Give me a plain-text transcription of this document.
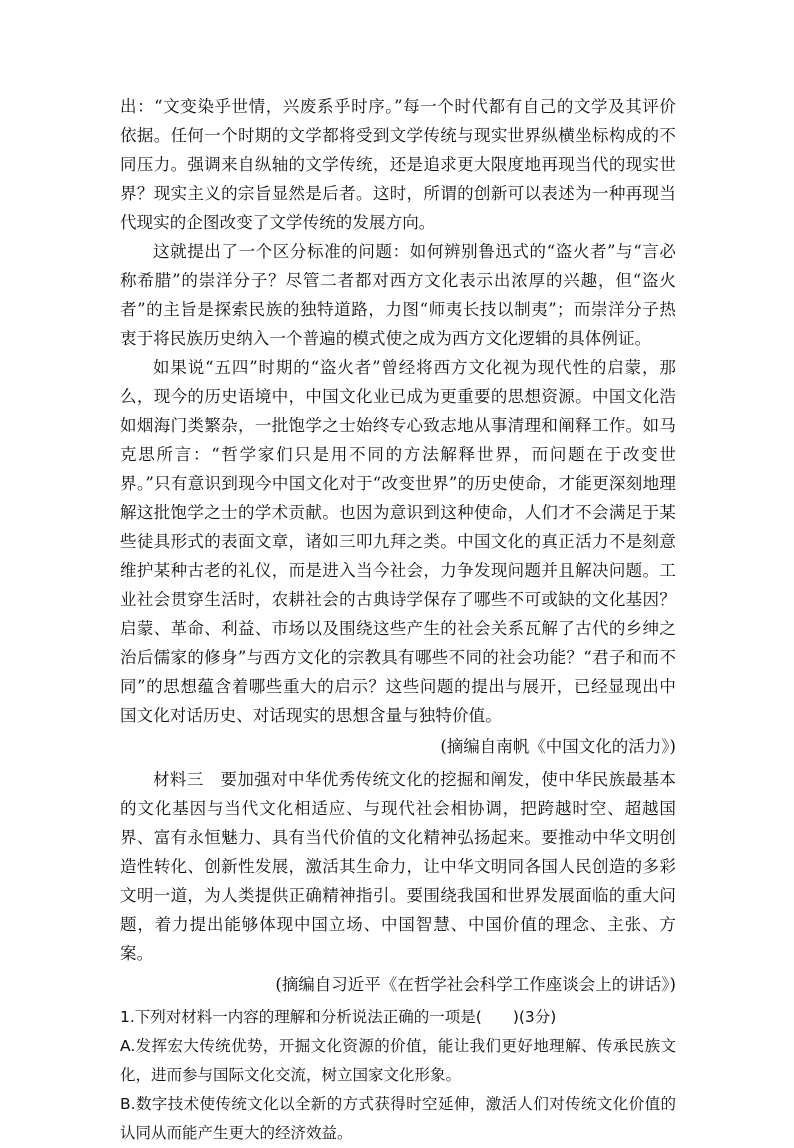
出：“文变染乎世情，兴废系乎时序。”每一个时代都有自己的文学及其评价依据。任何一个时期的文学都将受到文学传统与现实世界纵横坐标构成的不同压力。强调来自纵轴的文学传统，还是追求更大限度地再现当代的现实世界？现实主义的宗旨显然是后者。这时，所谓的创新可以表述为一种再现当代现实的企图改变了文学传统的发展方向。

这就提出了一个区分标准的问题：如何辨别鲁迅式的“盗火者”与“言必称希腊”的崇洋分子？尽管二者都对西方文化表示出浓厚的兴趣，但“盗火者”的主旨是探索民族的独特道路，力图“师夷长技以制夷”；而崇洋分子热衷于将民族历史纳入一个普遍的模式使之成为西方文化逻辑的具体例证。

如果说“五四”时期的“盗火者”曾经将西方文化视为现代性的启蒙，那么，现今的历史语境中，中国文化业已成为更重要的思想资源。中国文化浩如烟海门类繁杂，一批饱学之士始终专心致志地从事清理和阐释工作。如马克思所言：“哲学家们只是用不同的方法解释世界，而问题在于改变世界。”只有意识到现今中国文化对于“改变世界”的历史使命，才能更深刻地理解这批饱学之士的学术贡献。也因为意识到这种使命，人们才不会满足于某些徒具形式的表面文章，诸如三叩九拜之类。中国文化的真正活力不是刻意维护某种古老的礼仪，而是进入当今社会，力争发现问题并且解决问题。工业社会贯穿生活时，农耕社会的古典诗学保存了哪些不可或缺的文化基因？启蒙、革命、利益、市场以及围绕这些产生的社会关系瓦解了古代的乡绅之治后儒家的修身”与西方文化的宗教具有哪些不同的社会功能？“君子和而不同”的思想蕴含着哪些重大的启示？这些问题的提出与展开，已经显现出中国文化对话历史、对话现实的思想含量与独特价值。

(摘编自南帆《中国文化的活力》)

材料三　 要加强对中华优秀传统文化的挖掘和阐发，使中华民族最基本的文化基因与当代文化相适应、与现代社会相协调，把跨越时空、超越国界、富有永恒魅力、具有当代价值的文化精神弘扬起来。要推动中华文明创造性转化、创新性发展，激活其生命力，让中华文明同各国人民创造的多彩文明一道，为人类提供正确精神指引。要围绕我国和世界发展面临的重大问题，着力提出能够体现中国立场、中国智慧、中国价值的理念、主张、方案。

(摘编自习近平《在哲学社会科学工作座谈会上的讲话》)

1.下列对材料一内容的理解和分析说法正确的一项是(　　)(3分)

A.发挥宏大传统优势，开掘文化资源的价值，能让我们更好地理解、传承民族文化，进而参与国际文化交流，树立国家文化形象。

B.数字技术使传统文化以全新的方式获得时空延伸，激活人们对传统文化价值的认同从而能产生更大的经济效益。
